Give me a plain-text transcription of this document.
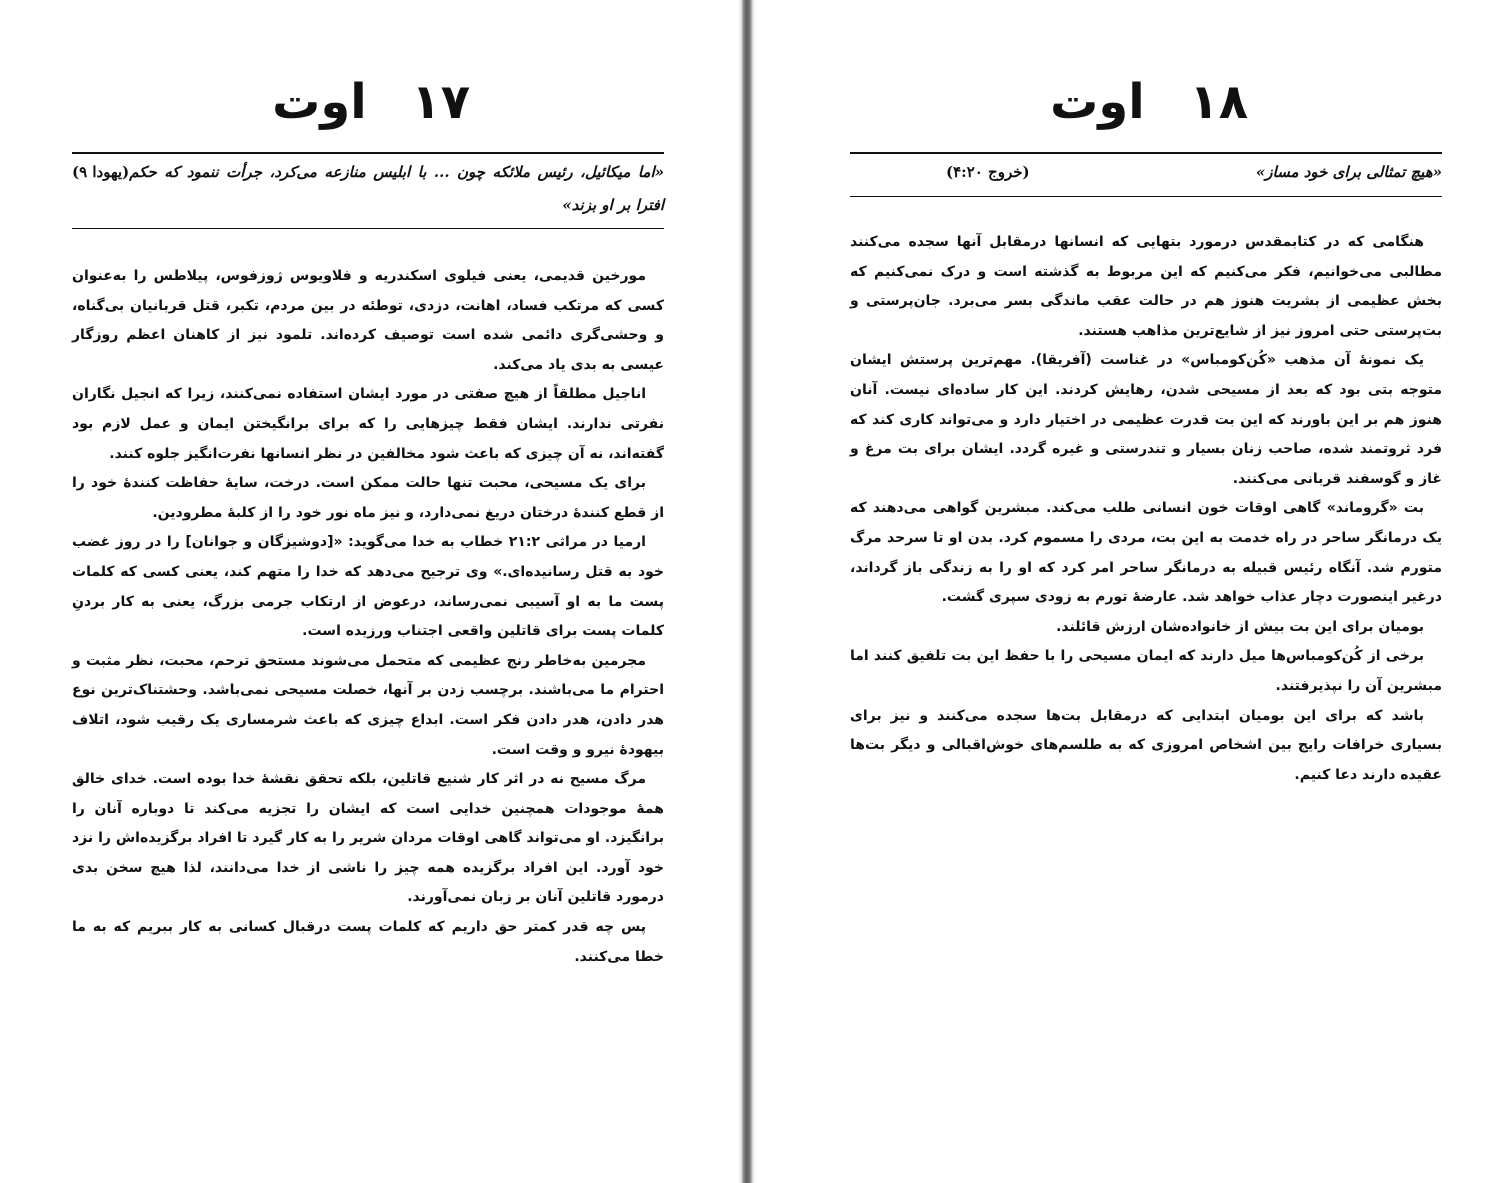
۱۷ اوت

(یهودا ۹) «اما میکائیل، رئیس ملائکه چون ... با ابلیس منازعه می‌کرد، جرأت ننمود که حکم افترا بر او بزند»

مورخین قدیمی، یعنی فیلوی اسکندریه و فلاویوس ژوزفوس، پیلاطس را به‌عنوان کسی که مرتکب فساد، اهانت، دزدی، توطئه در بین مردم، تکبر، قتل قربانیان بی‌گناه، و وحشی‌گری دائمی شده است توصیف کرده‌اند. تلمود نیز از کاهنان اعظم روزگار عیسی به بدی یاد می‌کند.

اناجیل مطلقاً از هیچ صفتی در مورد ایشان استفاده نمی‌کنند، زیرا که انجیل نگاران نفرتی ندارند. ایشان فقط چیزهایی را که برای برانگیختن ایمان و عمل لازم بود گفته‌اند، نه آن چیزی که باعث شود مخالفین در نظر انسانها نفرت‌انگیز جلوه کنند.

برای یک مسیحی، محبت تنها حالت ممکن است. درخت، سایهٔ حفاظت کنندهٔ خود را از قطع کنندهٔ درختان دریغ نمی‌دارد، و نیز ماه نور خود را از کلبهٔ مطرودین.

ارمیا در مراثی ۲۱:۲ خطاب به خدا می‌گوید: «[دوشیزگان و جوانان] را در روز غضب خود به قتل رسانیده‌ای.» وی ترجیح می‌دهد که خدا را متهم کند، یعنی کسی که کلمات پست ما به او آسیبی نمی‌رساند، درعوض از ارتکاب جرمی بزرگ، یعنی به کار بردنِ کلمات پست برای قاتلین واقعی اجتناب ورزیده است.

مجرمین به‌خاطر رنج عظیمی که متحمل می‌شوند مستحق ترحم، محبت، نظر مثبت و احترام ما می‌باشند. برچسب زدن بر آنها، خصلت مسیحی نمی‌باشد. وحشتناک‌ترین نوع هدر دادن، هدر دادن فکر است. ابداع چیزی که باعث شرمساری یک رقیب شود، اتلاف بیهودهٔ نیرو و وقت است.

مرگ مسیح نه در اثر کار شنیع قاتلین، بلکه تحقق نقشهٔ خدا بوده است. خدای خالق همهٔ موجودات همچنین خدایی است که ایشان را تجزیه می‌کند تا دوباره آنان را برانگیزد. او می‌تواند گاهی اوقات مردان شریر را به کار گیرد تا افراد برگزیده‌اش را نزد خود آورد. این افراد برگزیده همه چیز را ناشی از خدا می‌دانند، لذا هیچ سخن بدی درمورد قاتلین آنان بر زبان نمی‌آورند.

پس چه قدر کمتر حق داریم که کلمات پست درقبال کسانی به کار ببریم که به ما خطا می‌کنند.

۱۸ اوت

(خروج ۴:۲۰)	«هیچ تمثالی برای خود مساز»

هنگامی که در کتابمقدس درمورد بتهایی که انسانها درمقابل آنها سجده می‌کنند مطالبی می‌خوانیم، فکر می‌کنیم که این مربوط به گذشته است و درک نمی‌کنیم که بخش عظیمی از بشریت هنوز هم در حالت عقب ماندگی بسر می‌برد. جان‌پرستی و بت‌پرستی حتی امروز نیز از شایع‌ترین مذاهب هستند.

یک نمونهٔ آن مذهب «کُن‌کومباس» در غناست (آفریقا). مهم‌ترین پرستش ایشان متوجه بتی بود که بعد از مسیحی شدن، رهایش کردند. این کار ساده‌ای نیست. آنان هنوز هم بر این باورند که این بت قدرت عظیمی در اختیار دارد و می‌تواند کاری کند که فرد ثروتمند شده، صاحب زنان بسیار و تندرستی و غیره گردد. ایشان برای بت مرغ و غاز و گوسفند قربانی می‌کنند.

بت «گروماند» گاهی اوقات خون انسانی طلب می‌کند. مبشرین گواهی می‌دهند که یک درمانگر ساحر در راه خدمت به این بت، مردی را مسموم کرد. بدن او تا سرحد مرگ متورم شد. آنگاه رئیس قبیله به درمانگر ساحر امر کرد که او را به زندگی باز گرداند، درغیر اینصورت دچار عذاب خواهد شد. عارضهٔ تورم به زودی سپری گشت.

بومیان برای این بت بیش از خانواده‌شان ارزش قائلند.

برخی از کُن‌کومباس‌ها میل دارند که ایمان مسیحی را با حفظ این بت تلفیق کنند اما مبشرین آن را نپذیرفتند.

باشد که برای این بومیان ابتدایی که درمقابل بت‌ها سجده می‌کنند و نیز برای بسیاری خرافات رایج بین اشخاص امروزی که به طلسم‌های خوش‌اقبالی و دیگر بت‌ها عقیده دارند دعا کنیم.
